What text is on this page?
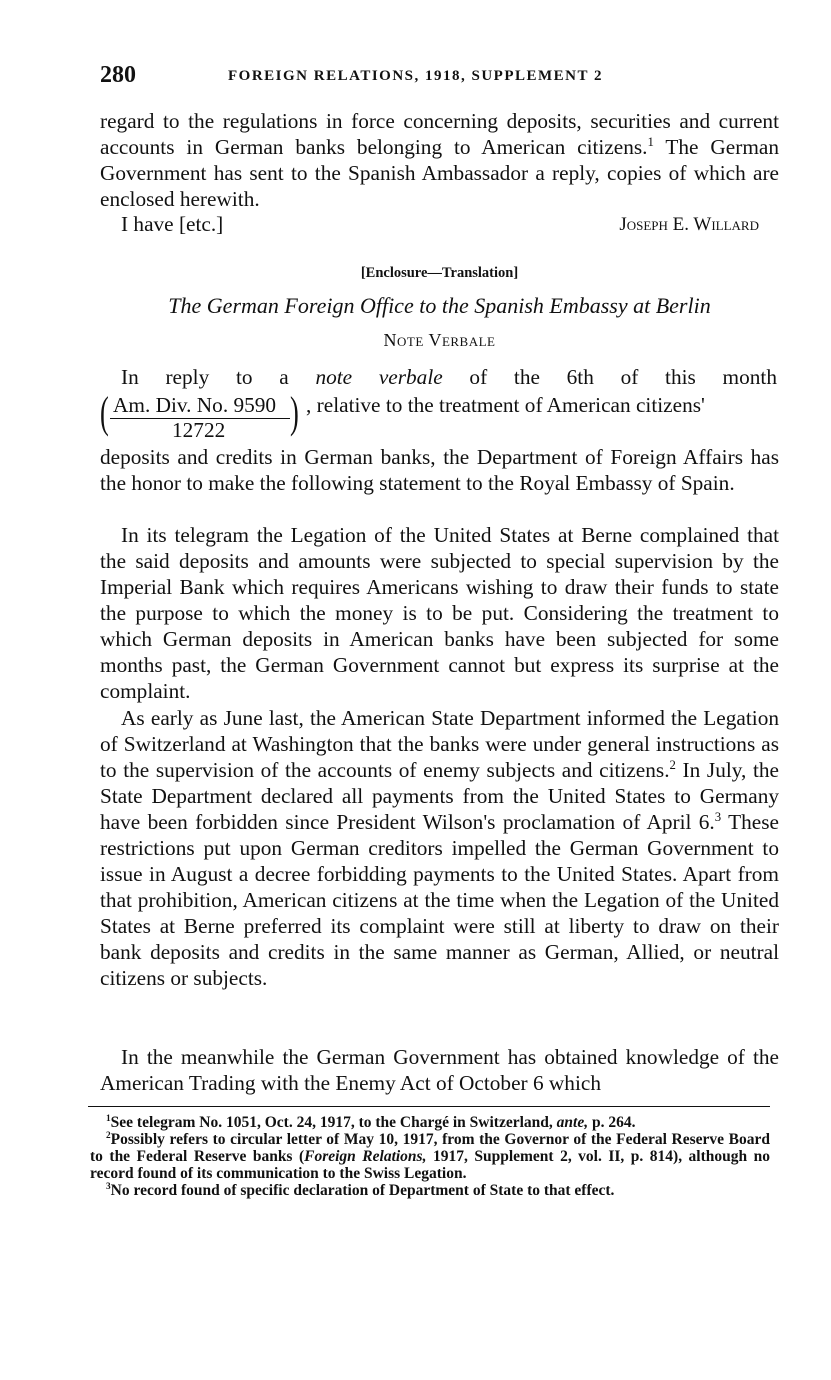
280	FOREIGN RELATIONS, 1918, SUPPLEMENT 2

regard to the regulations in force concerning deposits, securities and current accounts in German banks belonging to American citizens.$^1$ The German Government has sent to the Spanish Ambassador a reply, copies of which are enclosed herewith.

I have [etc.]	Joseph E. Willard
[Enclosure—Translation]
The German Foreign Office to the Spanish Embassy at Berlin
Note Verbale
In reply to a note verbale of the 6th of this month
( Am. Div. No. 9590
12722 ) , relative to the treatment of American citizens'

deposits and credits in German banks, the Department of Foreign Affairs has the honor to make the following statement to the Royal Embassy of Spain.

In its telegram the Legation of the United States at Berne complained that the said deposits and amounts were subjected to special supervision by the Imperial Bank which requires Americans wishing to draw their funds to state the purpose to which the money is to be put. Considering the treatment to which German deposits in American banks have been subjected for some months past, the German Government cannot but express its surprise at the complaint.

As early as June last, the American State Department informed the Legation of Switzerland at Washington that the banks were under general instructions as to the supervision of the accounts of enemy subjects and citizens.$^2$ In July, the State Department declared all payments from the United States to Germany have been forbidden since President Wilson's proclamation of April 6.$^3$ These restrictions put upon German creditors impelled the German Government to issue in August a decree forbidding payments to the United States. Apart from that prohibition, American citizens at the time when the Legation of the United States at Berne preferred its complaint were still at liberty to draw on their bank deposits and credits in the same manner as German, Allied, or neutral citizens or subjects.

In the meanwhile the German Government has obtained knowledge of the American Trading with the Enemy Act of October 6 which

$^1$See telegram No. 1051, Oct. 24, 1917, to the Chargé in Switzerland, ante, p. 264.

$^2$Possibly refers to circular letter of May 10, 1917, from the Governor of the Federal Reserve Board to the Federal Reserve banks (Foreign Relations, 1917, Supplement 2, vol. II, p. 814), although no record found of its communication to the Swiss Legation.

$^3$No record found of specific declaration of Department of State to that effect.
